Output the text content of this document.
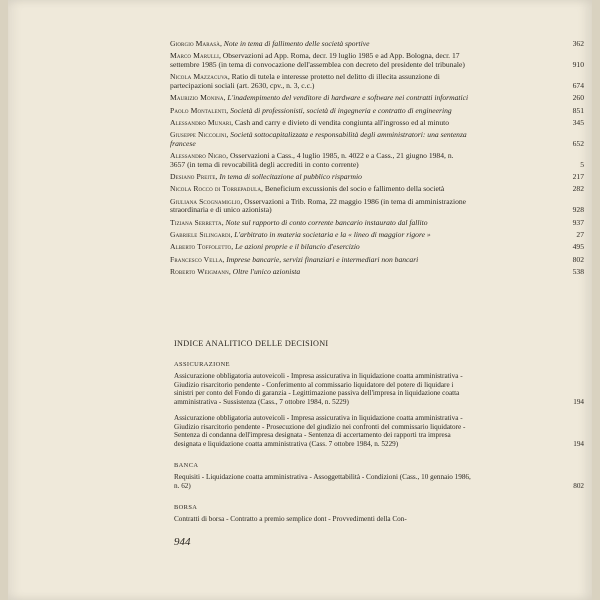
Giorgio Marasà, Note in tema di fallimento delle società sportive	362
Marco Marulli, Observazioni ad App. Roma, decr. 19 luglio 1985 e ad App. Bologna, decr. 17 settembre 1985 (in tema di convocazione dell'assemblea con decreto del presidente del tribunale)	910
Nicola Mazzacuva, Ratio di tutela e interesse protetto nel delitto di illecita assunzione di partecipazioni sociali (art. 2630, cpv., n. 3, c.c.)	674
Maurizio Monina, L'inadempimento del venditore di hardware e software nei contratti informatici	260
Paolo Montalenti, Società di professionisti, società di ingegneria e contratto di engineering	851
Alessandro Munari, Cash and carry e divieto di vendita congiunta all'ingrosso ed al minuto	345
Giuseppe Niccolini, Società sottocapitalizzata e responsabilità degli amministratori: una sentenza francese	652
Alessandro Nigro, Osservazioni a Cass., 4 luglio 1985, n. 4022 e a Cass., 21 giugno 1984, n. 3657 (in tema di revocabilità degli accrediti in conto corrente)	5
Desiano Preite, In tema di sollecitazione al pubblico risparmio	217
Nicola Rocco di Torrepadula, Beneficium excussionis del socio e fallimento della società	282
Giuliana Scognamiglio, Osservazioni a Trib. Roma, 22 maggio 1986 (in tema di amministrazione straordinaria e di unico azionista)	928
Tiziana Serretta, Note sul rapporto di conto corrente bancario instaurato dal fallito	937
Gabriele Silingardi, L'arbitrato in materia societaria e la « lineo di maggior rigore »	27
Alberto Toffoletto, Le azioni proprie e il bilancio d'esercizio	495
Francesco Vella, Imprese bancarie, servizi finanziari e intermediari non bancari	802
Roberto Weigmann, Oltre l'unico azionista	538
INDICE ANALITICO DELLE DECISIONI
ASSICURAZIONE
Assicurazione obbligatoria autoveicoli - Impresa assicurativa in liquidazione coatta amministrativa - Giudizio risarcitorio pendente - Conferimento al commissario liquidatore del potere di liquidare i sinistri per conto del Fondo di garanzia - Legittimazione passiva dell'impresa in liquidazione coatta amministrativa - Sussistenza (Cass., 7 ottobre 1984, n. 5229)	194
Assicurazione obbligatoria autoveicoli - Impresa assicurativa in liquidazione coatta amministrativa - Giudizio risarcitorio pendente - Prosecuzione del giudizio nei confronti del commissario liquidatore - Sentenza di condanna dell'impresa designata - Sentenza di accertamento dei rapporti tra impresa designata e liquidazione coatta amministrativa (Cass. 7 ottobre 1984, n. 5229)	194
BANCA
Requisiti - Liquidazione coatta amministrativa - Assoggettabilità - Condizioni (Cass., 10 gennaio 1986, n. 62)	802
BORSA
Contratti di borsa - Contratto a premio semplice dont - Provvedimenti della Con-
944
